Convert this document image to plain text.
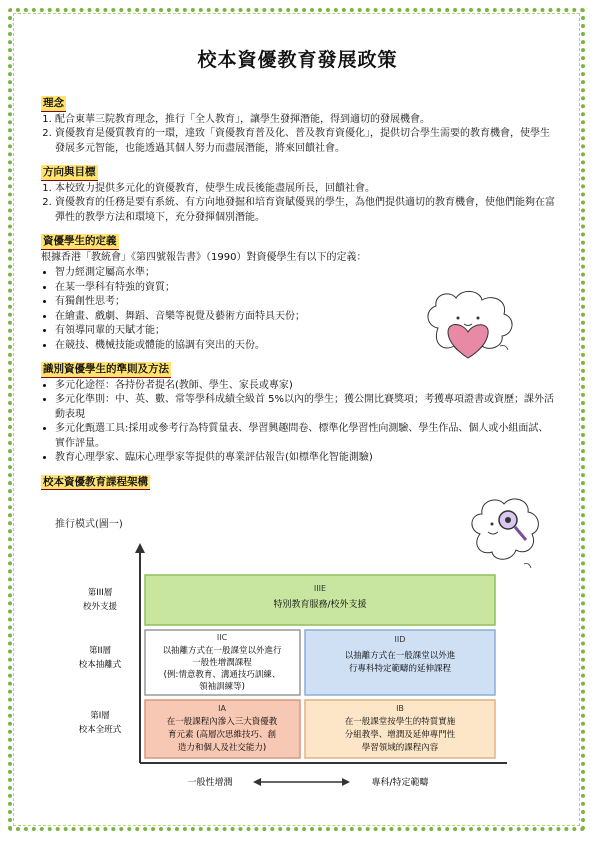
校本資優教育發展政策
理念
1. 配合東華三院教育理念，推行「全人教育」，讓學生發揮潛能，得到適切的發展機會。
2. 資優教育是優質教育的一環，達致「資優教育普及化、普及教育資優化」，提供切合學生需要的教育機會，使學生發展多元智能，也能透過其個人努力而盡展潛能，將來回饋社會。
方向與目標
1. 本校致力提供多元化的資優教育，使學生成長後能盡展所長，回饋社會。
2. 資優教育的任務是要有系統、有方向地發掘和培育資賦優異的學生，為他們提供適切的教育機會，使他們能夠在富彈性的教學方法和環境下，充分發揮個別潛能。
資優學生的定義

根據香港「教統會」《第四號報告書》（1990）對資優學生有以下的定義：

• 智力經測定屬高水準；
• 在某一學科有特強的資質；
• 有獨創性思考；
• 在繪畫、戲劇、舞蹈、音樂等視覺及藝術方面特具天份；
• 有領導同輩的天賦才能；
• 在競技、機械技能或體能的協調有突出的天份。
識別資優學生的準則及方法
• 多元化途徑：各持份者提名(教師、學生、家長或專家)
• 多元化準則：中、英、數、常等學科成績全級首 5%以內的學生；獲公開比賽獎項；考獲專項證書或資歷；課外活動表現
• 多元化甄選工具:採用或參考行為特質量表、學習興趣問卷、標準化學習性向測驗、學生作品、個人或小組面試、實作評量。
• 教育心理學家、臨床心理學家等提供的專業評估報告(如標準化智能測驗)
校本資優教育課程架構
推行模式(圖一)
第III層
校外支援
第II層
校本抽離式
第I層
校本全班式
IIIE
特別教育服務/校外支援
IIC
以抽離方式在一般課堂以外進行
一般性增潤課程
(例:情意教育、溝通技巧訓練、
領袖訓練等)
IID
以抽離方式在一般課堂以外進
行專科特定範疇的延伸課程
IA
在一般課程內滲入三大資優教
育元素 (高層次思維技巧、創
造力和個人及社交能力)
IB
在一般課堂按學生的特質實施
分組教學、增潤及延伸專門性
學習領域的課程內容
一般性增潤	專科/特定範疇
